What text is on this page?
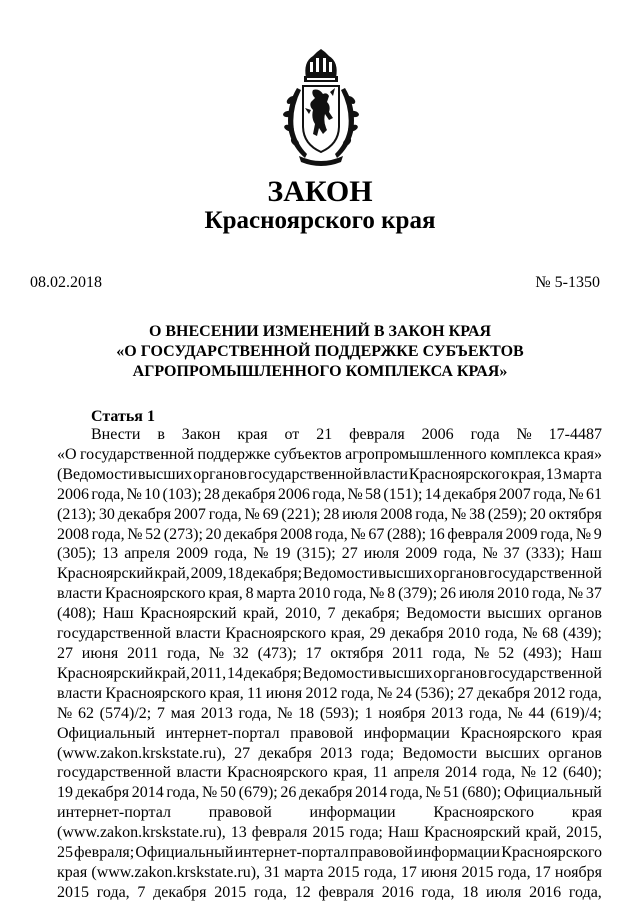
ЗАКОН
Красноярского края
08.02.2018	№ 5-1350
О ВНЕСЕНИИ ИЗМЕНЕНИЙ В ЗАКОН КРАЯ
«О ГОСУДАРСТВЕННОЙ ПОДДЕРЖКЕ СУБЪЕКТОВ
АГРОПРОМЫШЛЕННОГО КОМПЛЕКСА КРАЯ»
Статья 1
Внести в Закон края от 21 февраля 2006 года № 17-4487
«О государственной поддержке субъектов агропромышленного комплекса края»
(Ведомости высших органов государственной власти Красноярского края, 13 марта
2006 года, № 10 (103); 28 декабря 2006 года, № 58 (151); 14 декабря 2007 года, № 61
(213); 30 декабря 2007 года, № 69 (221); 28 июля 2008 года, № 38 (259); 20 октября
2008 года, № 52 (273); 20 декабря 2008 года, № 67 (288); 16 февраля 2009 года, № 9
(305); 13 апреля 2009 года, № 19 (315); 27 июля 2009 года, № 37 (333); Наш
Красноярский край, 2009, 18 декабря; Ведомости высших органов государственной
власти Красноярского края, 8 марта 2010 года, № 8 (379); 26 июля 2010 года, № 37
(408); Наш Красноярский край, 2010, 7 декабря; Ведомости высших органов
государственной власти Красноярского края, 29 декабря 2010 года, № 68 (439);
27 июня 2011 года, № 32 (473); 17 октября 2011 года, № 52 (493); Наш
Красноярский край, 2011, 14 декабря; Ведомости высших органов государственной
власти Красноярского края, 11 июня 2012 года, № 24 (536); 27 декабря 2012 года,
№ 62 (574)/2; 7 мая 2013 года, № 18 (593); 1 ноября 2013 года, № 44 (619)/4;
Официальный интернет-портал правовой информации Красноярского края
(www.zakon.krskstate.ru), 27 декабря 2013 года; Ведомости высших органов
государственной власти Красноярского края, 11 апреля 2014 года, № 12 (640);
19 декабря 2014 года, № 50 (679); 26 декабря 2014 года, № 51 (680); Официальный
интернет-портал правовой информации Красноярского края
(www.zakon.krskstate.ru), 13 февраля 2015 года; Наш Красноярский край, 2015,
25 февраля; Официальный интернет-портал правовой информации Красноярского
края (www.zakon.krskstate.ru), 31 марта 2015 года, 17 июня 2015 года, 17 ноября
2015 года, 7 декабря 2015 года, 12 февраля 2016 года, 18 июля 2016 года,
